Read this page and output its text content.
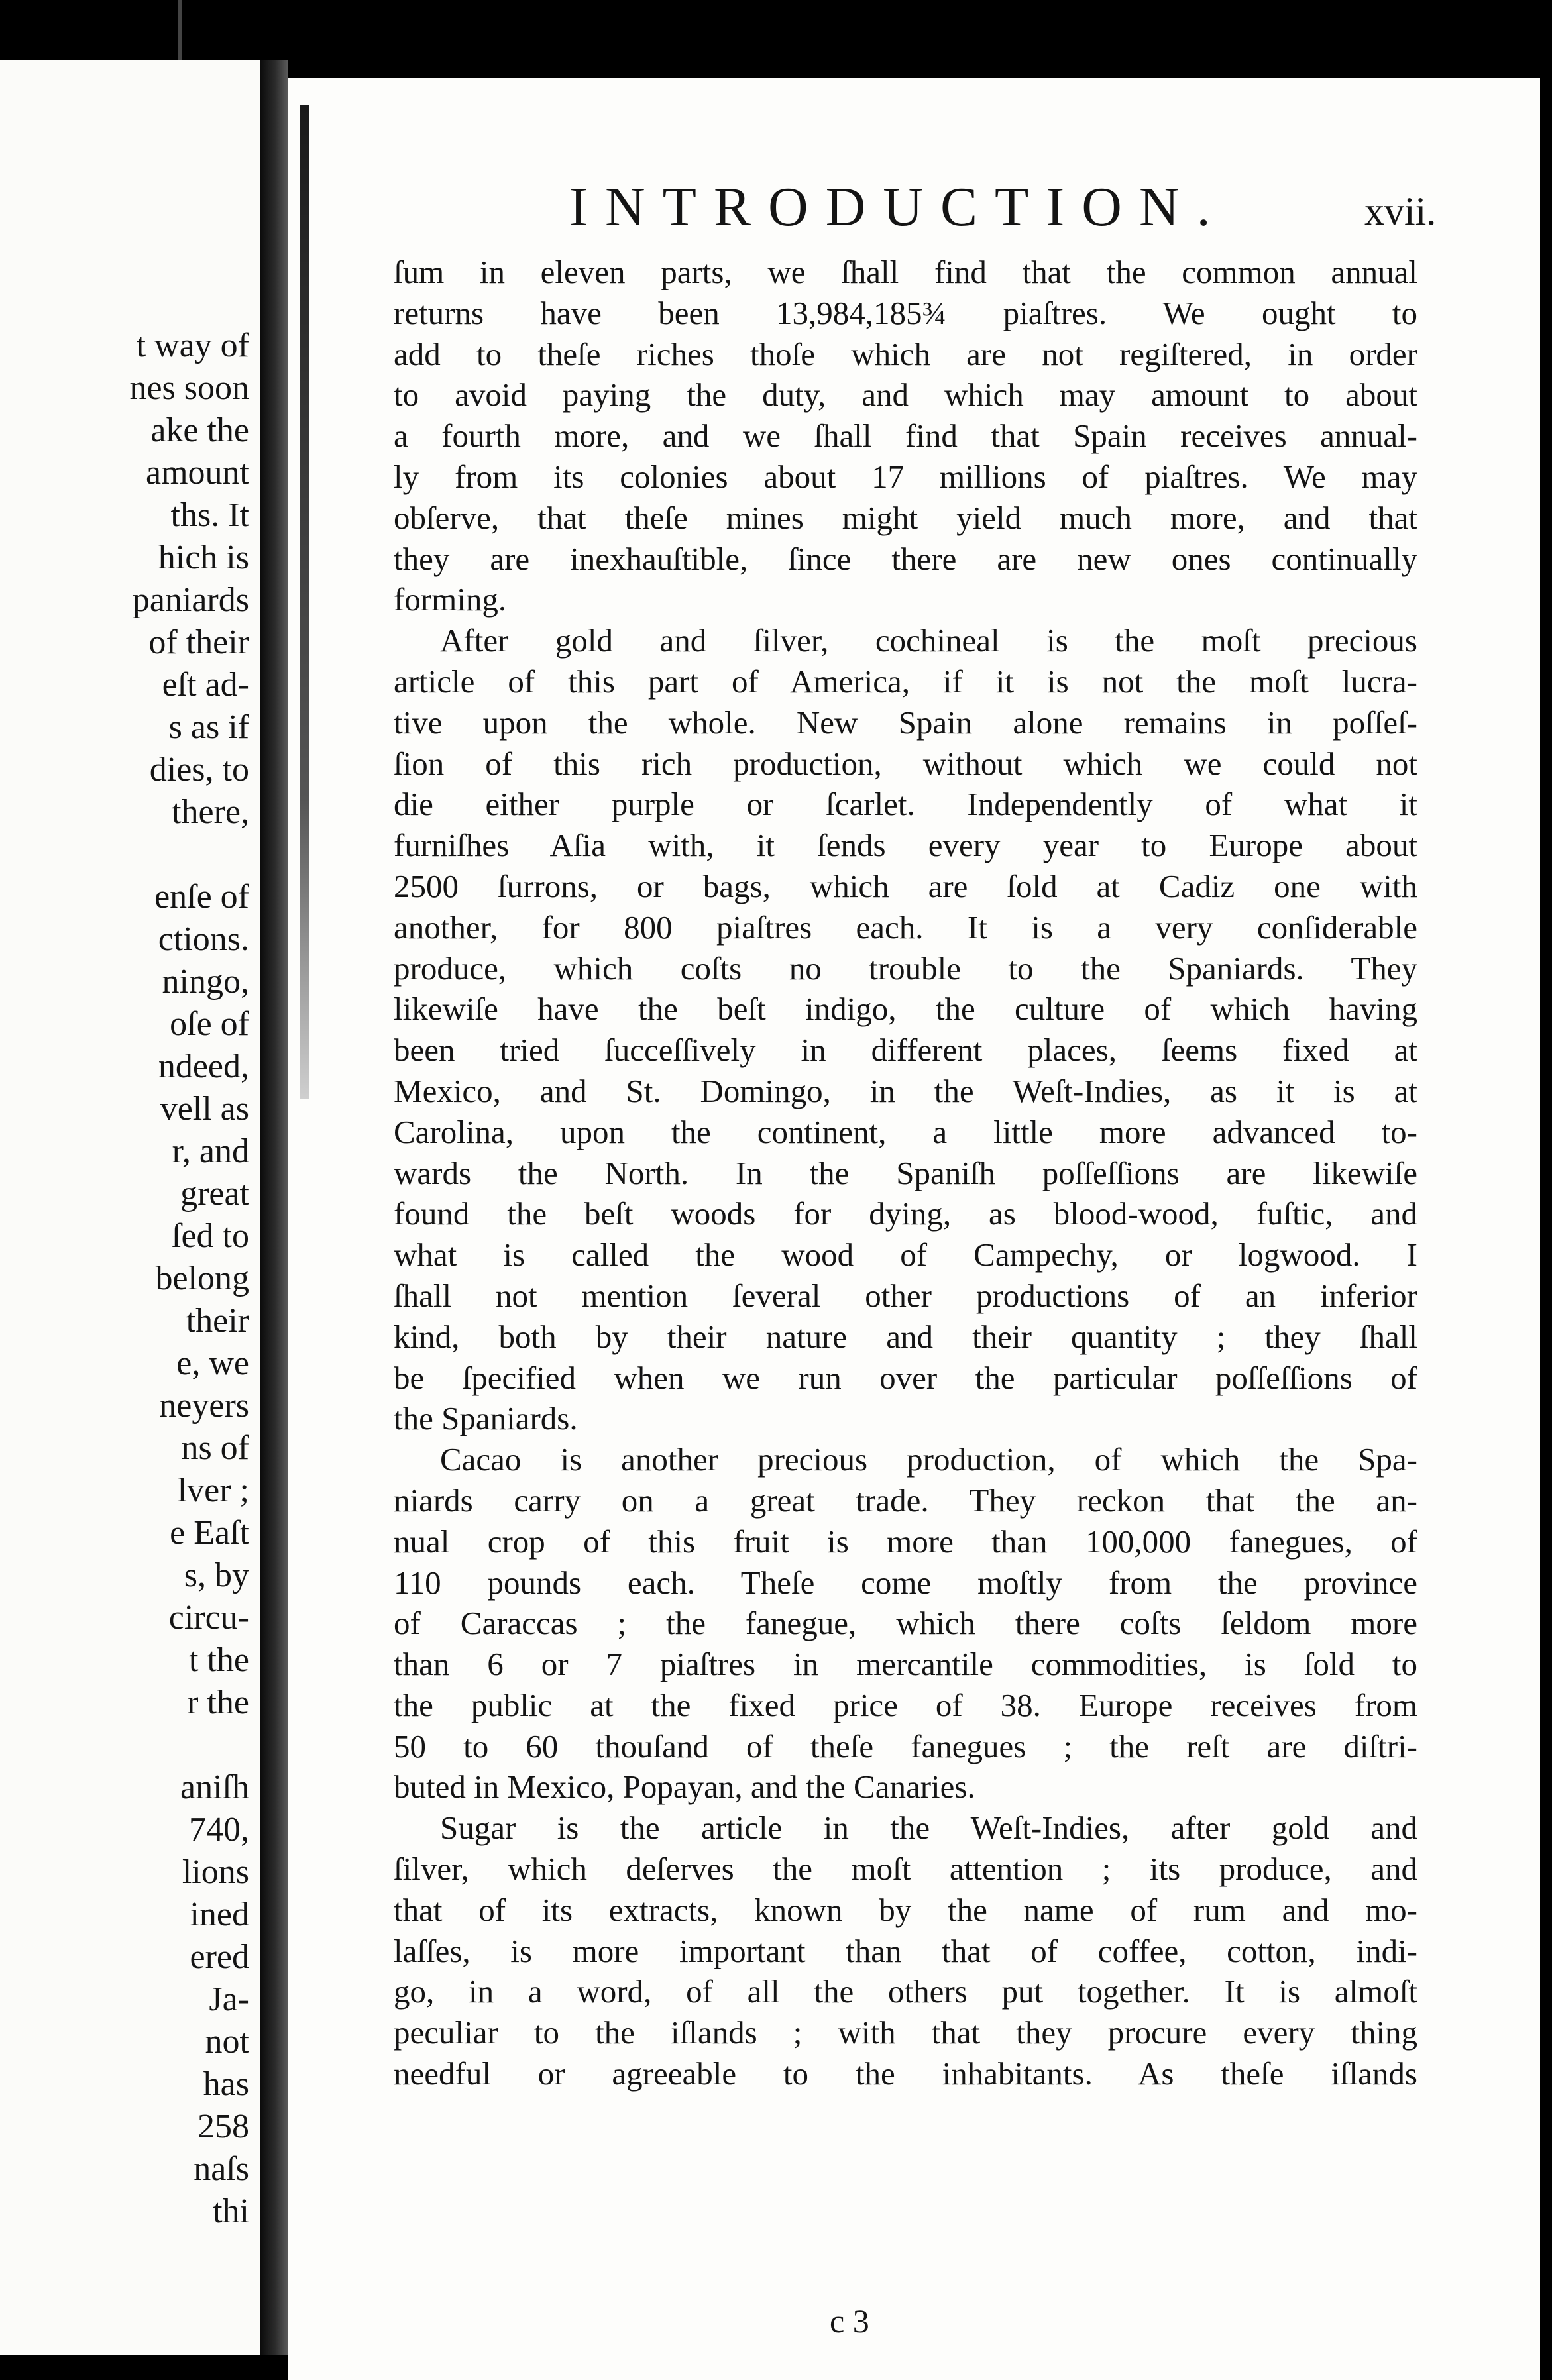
t way of
nes soon
ake the
amount
ths. It
hich is
paniards
of their
eſt ad-
s as if
dies, to
there,
enſe of
ctions.
ningo,
oſe of
ndeed,
vell as
r, and
great
ſed to
belong
their
e, we
neyers
ns of
lver ;
e Eaſt
s, by
circu-
t the
r the
aniſh
740,
lions
ined
ered
Ja-
not
has
258
naſs
thi
INTRODUCTION.	xvii.
ſum in eleven parts, we ſhall find that the common annual
returns have been 13,984,185¾ piaſtres. We ought to
add to theſe riches thoſe which are not regiſtered, in order
to avoid paying the duty, and which may amount to about
a fourth more, and we ſhall find that Spain receives annual-
ly from its colonies about 17 millions of piaſtres. We may
obſerve, that theſe mines might yield much more, and that
they are inexhauſtible, ſince there are new ones continually
forming.
After gold and ſilver, cochineal is the moſt precious
article of this part of America, if it is not the moſt lucra-
tive upon the whole. New Spain alone remains in poſſeſ-
ſion of this rich production, without which we could not
die either purple or ſcarlet. Independently of what it
furniſhes Aſia with, it ſends every year to Europe about
2500 ſurrons, or bags, which are ſold at Cadiz one with
another, for 800 piaſtres each. It is a very conſiderable
produce, which coſts no trouble to the Spaniards. They
likewiſe have the beſt indigo, the culture of which having
been tried ſucceſſively in different places, ſeems fixed at
Mexico, and St. Domingo, in the Weſt-Indies, as it is at
Carolina, upon the continent, a little more advanced to-
wards the North. In the Spaniſh poſſeſſions are likewiſe
found the beſt woods for dying, as blood-wood, fuſtic, and
what is called the wood of Campechy, or logwood. I
ſhall not mention ſeveral other productions of an inferior
kind, both by their nature and their quantity ; they ſhall
be ſpecified when we run over the particular poſſeſſions of
the Spaniards.
Cacao is another precious production, of which the Spa-
niards carry on a great trade. They reckon that the an-
nual crop of this fruit is more than 100,000 fanegues, of
110 pounds each. Theſe come moſtly from the province
of Caraccas ; the fanegue, which there coſts ſeldom more
than 6 or 7 piaſtres in mercantile commodities, is ſold to
the public at the fixed price of 38. Europe receives from
50 to 60 thouſand of theſe fanegues ; the reſt are diſtri-
buted in Mexico, Popayan, and the Canaries.
Sugar is the article in the Weſt-Indies, after gold and
ſilver, which deſerves the moſt attention ; its produce, and
that of its extracts, known by the name of rum and mo-
laſſes, is more important than that of coffee, cotton, indi-
go, in a word, of all the others put together. It is almoſt
peculiar to the iſlands ; with that they procure every thing
needful or agreeable to the inhabitants. As theſe iſlands
c 3
